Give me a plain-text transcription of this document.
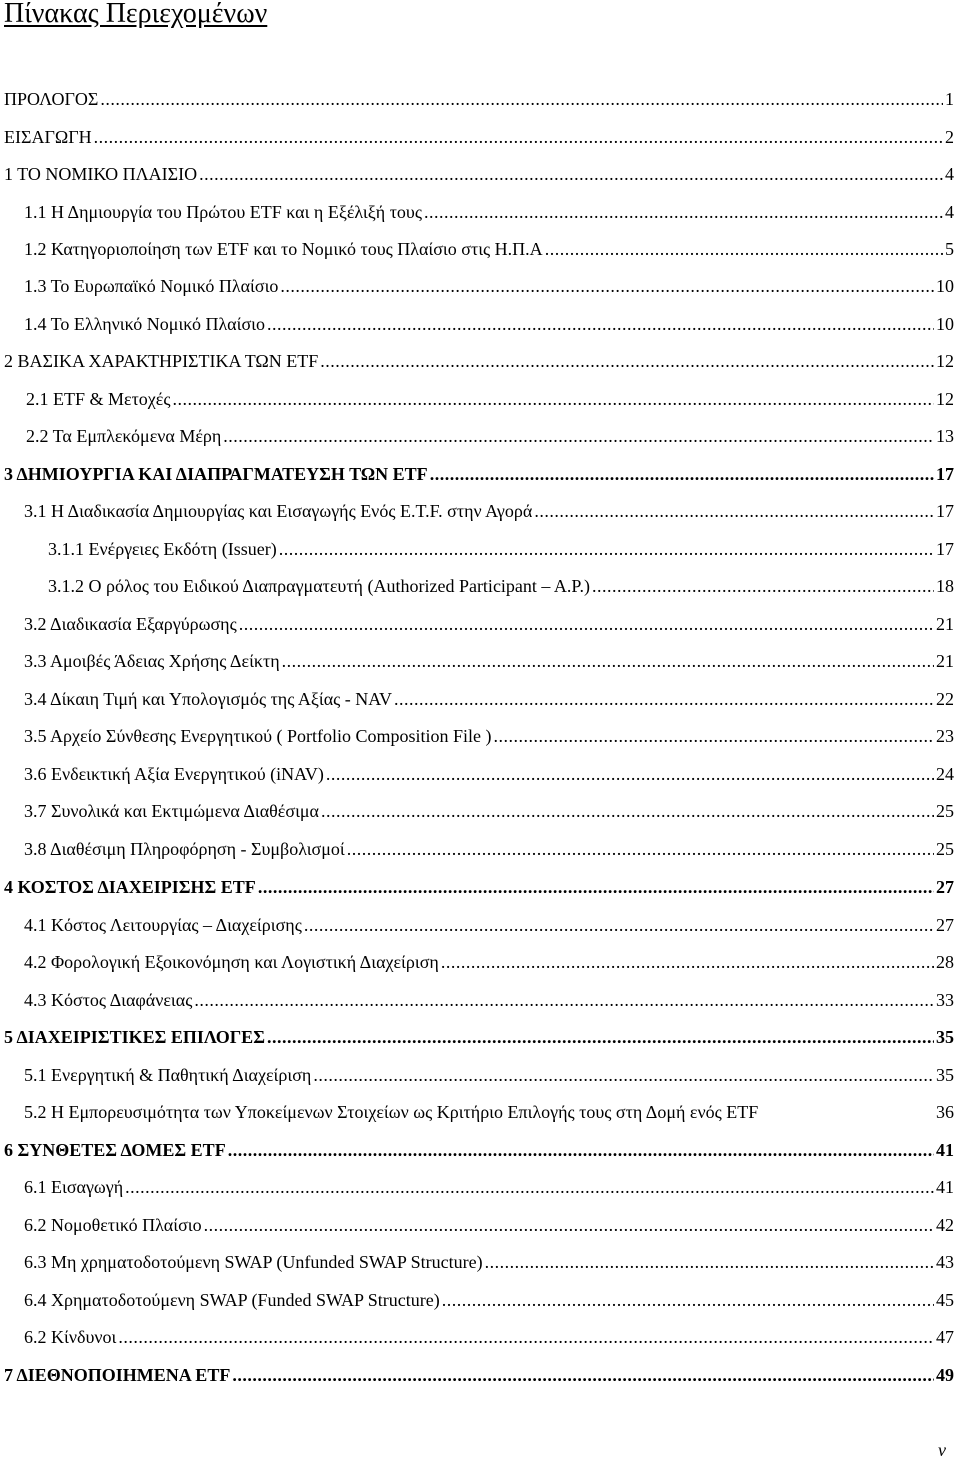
Πίνακας Περιεχομένων
ΠΡΟΛΟΓΟΣ .....	1
ΕΙΣΑΓΩΓΗ .....	2
1 ΤΟ ΝΟΜΙΚΟ ΠΛΑΙΣΙΟ .....	4
1.1 Η Δημιουργία του Πρώτου ETF και η Εξέλιξή τους .....	4
1.2 Κατηγοριοποίηση των ETF και το Νομικό τους Πλαίσιο στις Η.Π.Α .....	5
1.3 Το Ευρωπαϊκό Νομικό Πλαίσιο .....	10
1.4 Το Ελληνικό Νομικό Πλαίσιο .....	10
2 ΒΑΣΙΚΑ ΧΑΡΑΚΤΗΡΙΣΤΙΚΑ ΤΩΝ ETF .....	12
2.1 ETF & Μετοχές .....	12
2.2 Τα Εμπλεκόμενα Μέρη .....	13
3 ΔΗΜΙΟΥΡΓΙΑ ΚΑΙ ΔΙΑΠΡΑΓΜΑΤΕΥΣΗ ΤΩΝ ETF .....	17
3.1 Η Διαδικασία Δημιουργίας και Εισαγωγής Ενός Ε.Τ.F. στην Αγορά .....	17
3.1.1 Ενέργειες Εκδότη (Issuer) .....	17
3.1.2 Ο ρόλος του Ειδικού Διαπραγματευτή (Authorized Participant – A.P.) .....	18
3.2 Διαδικασία Εξαργύρωσης .....	21
3.3 Αμοιβές Άδειας Χρήσης Δείκτη .....	21
3.4 Δίκαιη Τιμή και Υπολογισμός της Αξίας - NAV .....	22
3.5 Αρχείο Σύνθεσης Ενεργητικού ( Portfolio Composition File ) .....	23
3.6 Ενδεικτική Αξία Ενεργητικού (iNAV) .....	24
3.7 Συνολικά και Εκτιμώμενα Διαθέσιμα .....	25
3.8 Διαθέσιμη Πληροφόρηση - Συμβολισμοί .....	25
4 ΚΟΣΤΟΣ ΔΙΑΧΕΙΡΙΣΗΣ ETF .....	27
4.1 Κόστος Λειτουργίας – Διαχείρισης .....	27
4.2 Φορολογική Εξοικονόμηση και Λογιστική Διαχείριση .....	28
4.3 Κόστος Διαφάνειας .....	33
5 ΔΙΑΧΕΙΡΙΣΤΙΚΕΣ ΕΠΙΛΟΓΕΣ .....	35
5.1 Ενεργητική & Παθητική Διαχείριση .....	35
5.2 Η Εμπορευσιμότητα των Υποκείμενων Στοιχείων ως Κριτήριο Επιλογής τους στη Δομή ενός ETF	36
6 ΣΥΝΘΕΤΕΣ ΔΟΜΕΣ ETF .....	41
6.1 Εισαγωγή .....	41
6.2 Νομοθετικό Πλαίσιο .....	42
6.3 Μη χρηματοδοτούμενη SWAP (Unfunded SWAP Structure) .....	43
6.4 Χρηματοδοτούμενη SWAP (Funded SWAP Structure) .....	45
6.2 Κίνδυνοι .....	47
7 ΔΙΕΘΝΟΠΟΙΗΜΕΝΑ ETF .....	49
v
